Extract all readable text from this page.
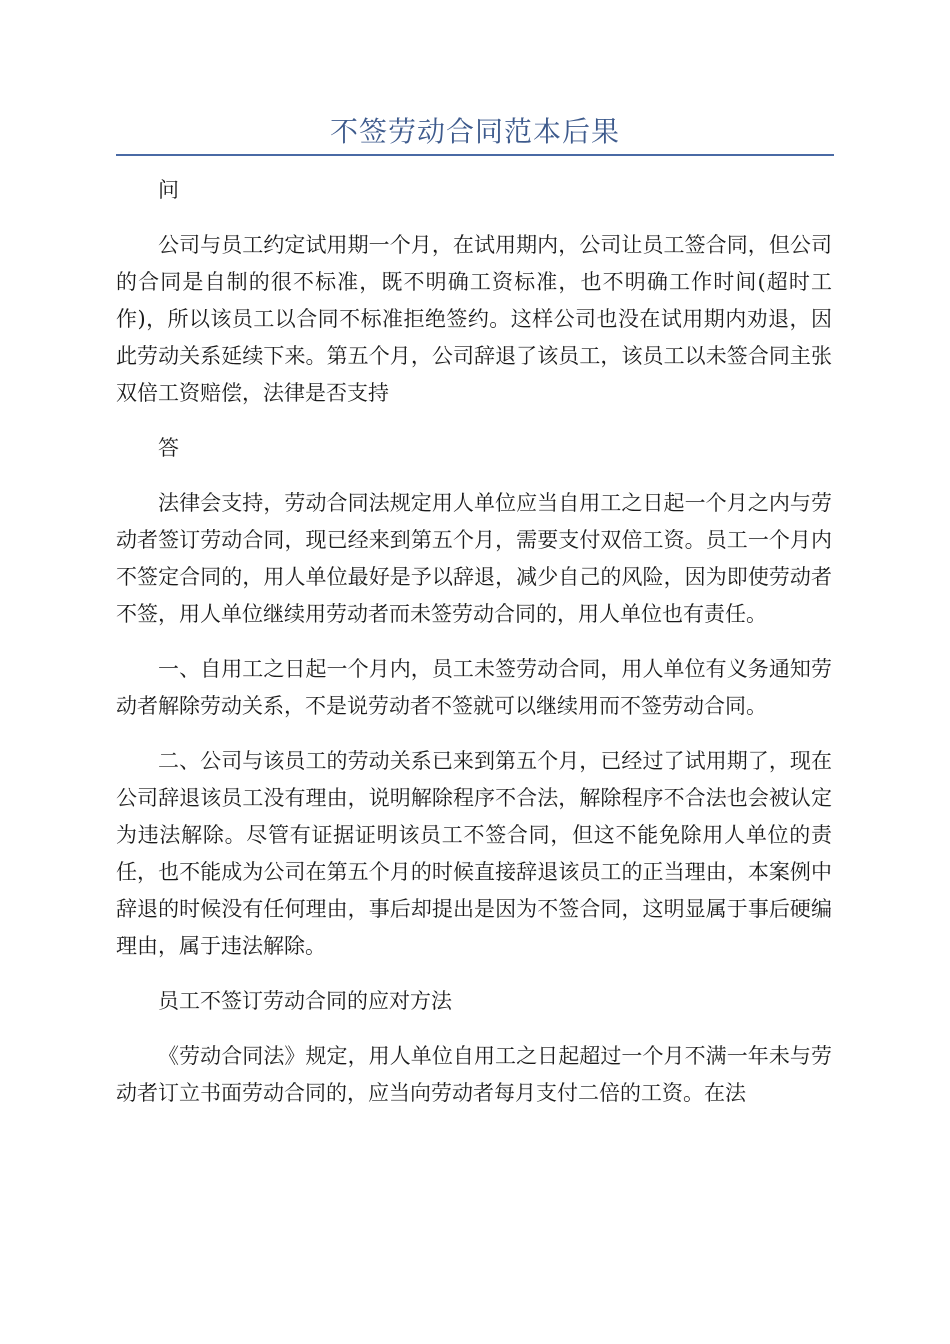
不签劳动合同范本后果

问

公司与员工约定试用期一个月，在试用期内，公司让员工签合同，但公司的合同是自制的很不标准，既不明确工资标准，也不明确工作时间(超时工作)，所以该员工以合同不标准拒绝签约。这样公司也没在试用期内劝退，因此劳动关系延续下来。第五个月，公司辞退了该员工，该员工以未签合同主张双倍工资赔偿，法律是否支持

答

法律会支持，劳动合同法规定用人单位应当自用工之日起一个月之内与劳动者签订劳动合同，现已经来到第五个月，需要支付双倍工资。员工一个月内不签定合同的，用人单位最好是予以辞退，减少自己的风险，因为即使劳动者不签，用人单位继续用劳动者而未签劳动合同的，用人单位也有责任。

一、自用工之日起一个月内，员工未签劳动合同，用人单位有义务通知劳动者解除劳动关系，不是说劳动者不签就可以继续用而不签劳动合同。

二、公司与该员工的劳动关系已来到第五个月，已经过了试用期了，现在公司辞退该员工没有理由，说明解除程序不合法，解除程序不合法也会被认定为违法解除。尽管有证据证明该员工不签合同，但这不能免除用人单位的责任，也不能成为公司在第五个月的时候直接辞退该员工的正当理由，本案例中辞退的时候没有任何理由，事后却提出是因为不签合同，这明显属于事后硬编理由，属于违法解除。

员工不签订劳动合同的应对方法

《劳动合同法》规定，用人单位自用工之日起超过一个月不满一年未与劳动者订立书面劳动合同的，应当向劳动者每月支付二倍的工资。在法
